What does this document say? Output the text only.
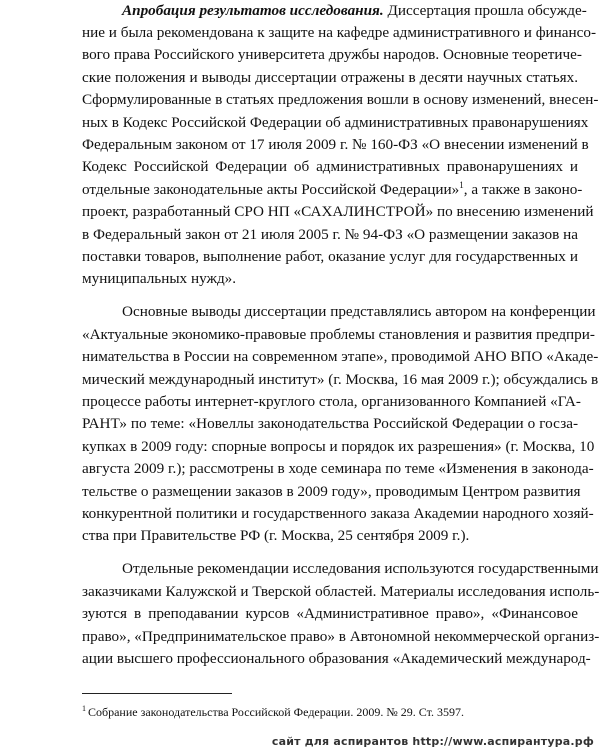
Апробация результатов исследования. Диссертация прошла обсужде-
ние и была рекомендована к защите на кафедре административного и финансо-
вого права Российского университета дружбы народов. Основные теоретиче-
ские положения и выводы диссертации отражены в десяти научных статьях.
Сформулированные в статьях предложения вошли в основу изменений, внесен-
ных в Кодекс Российской Федерации об административных правонарушениях
Федеральным законом от 17 июля 2009 г. № 160-ФЗ «О внесении изменений в
Кодекс Российской Федерации об административных правонарушениях и
отдельные законодательные акты Российской Федерации»$^1$, а также в законо-
проект, разработанный СРО НП «САХАЛИНСТРОЙ» по внесению изменений
в Федеральный закон от 21 июля 2005 г. № 94-ФЗ «О размещении заказов на
поставки товаров, выполнение работ, оказание услуг для государственных и
муниципальных нужд».
Основные выводы диссертации представлялись автором на конференции
«Актуальные экономико-правовые проблемы становления и развития предпри-
нимательства в России на современном этапе», проводимой АНО ВПО «Акаде-
мический международный институт» (г. Москва, 16 мая 2009 г.); обсуждались в
процессе работы интернет-круглого стола, организованного Компанией «ГА-
РАНТ» по теме: «Новеллы законодательства Российской Федерации о госза-
купках в 2009 году: спорные вопросы и порядок их разрешения» (г. Москва, 10
августа 2009 г.); рассмотрены в ходе семинара по теме «Изменения в законода-
тельстве о размещении заказов в 2009 году», проводимым Центром развития
конкурентной политики и государственного заказа Академии народного хозяй-
ства при Правительстве РФ (г. Москва, 25 сентября 2009 г.).
Отдельные рекомендации исследования используются государственными
заказчиками Калужской и Тверской областей. Материалы исследования исполь-
зуются в преподавании курсов «Административное право», «Финансовое
право», «Предпринимательское право» в Автономной некоммерческой организ-
ации высшего профессионального образования «Академический международ-
$^1$ Собрание законодательства Российской Федерации. 2009. № 29. Ст. 3597.
сайт для аспирантов http://www.аспирантура.рф
